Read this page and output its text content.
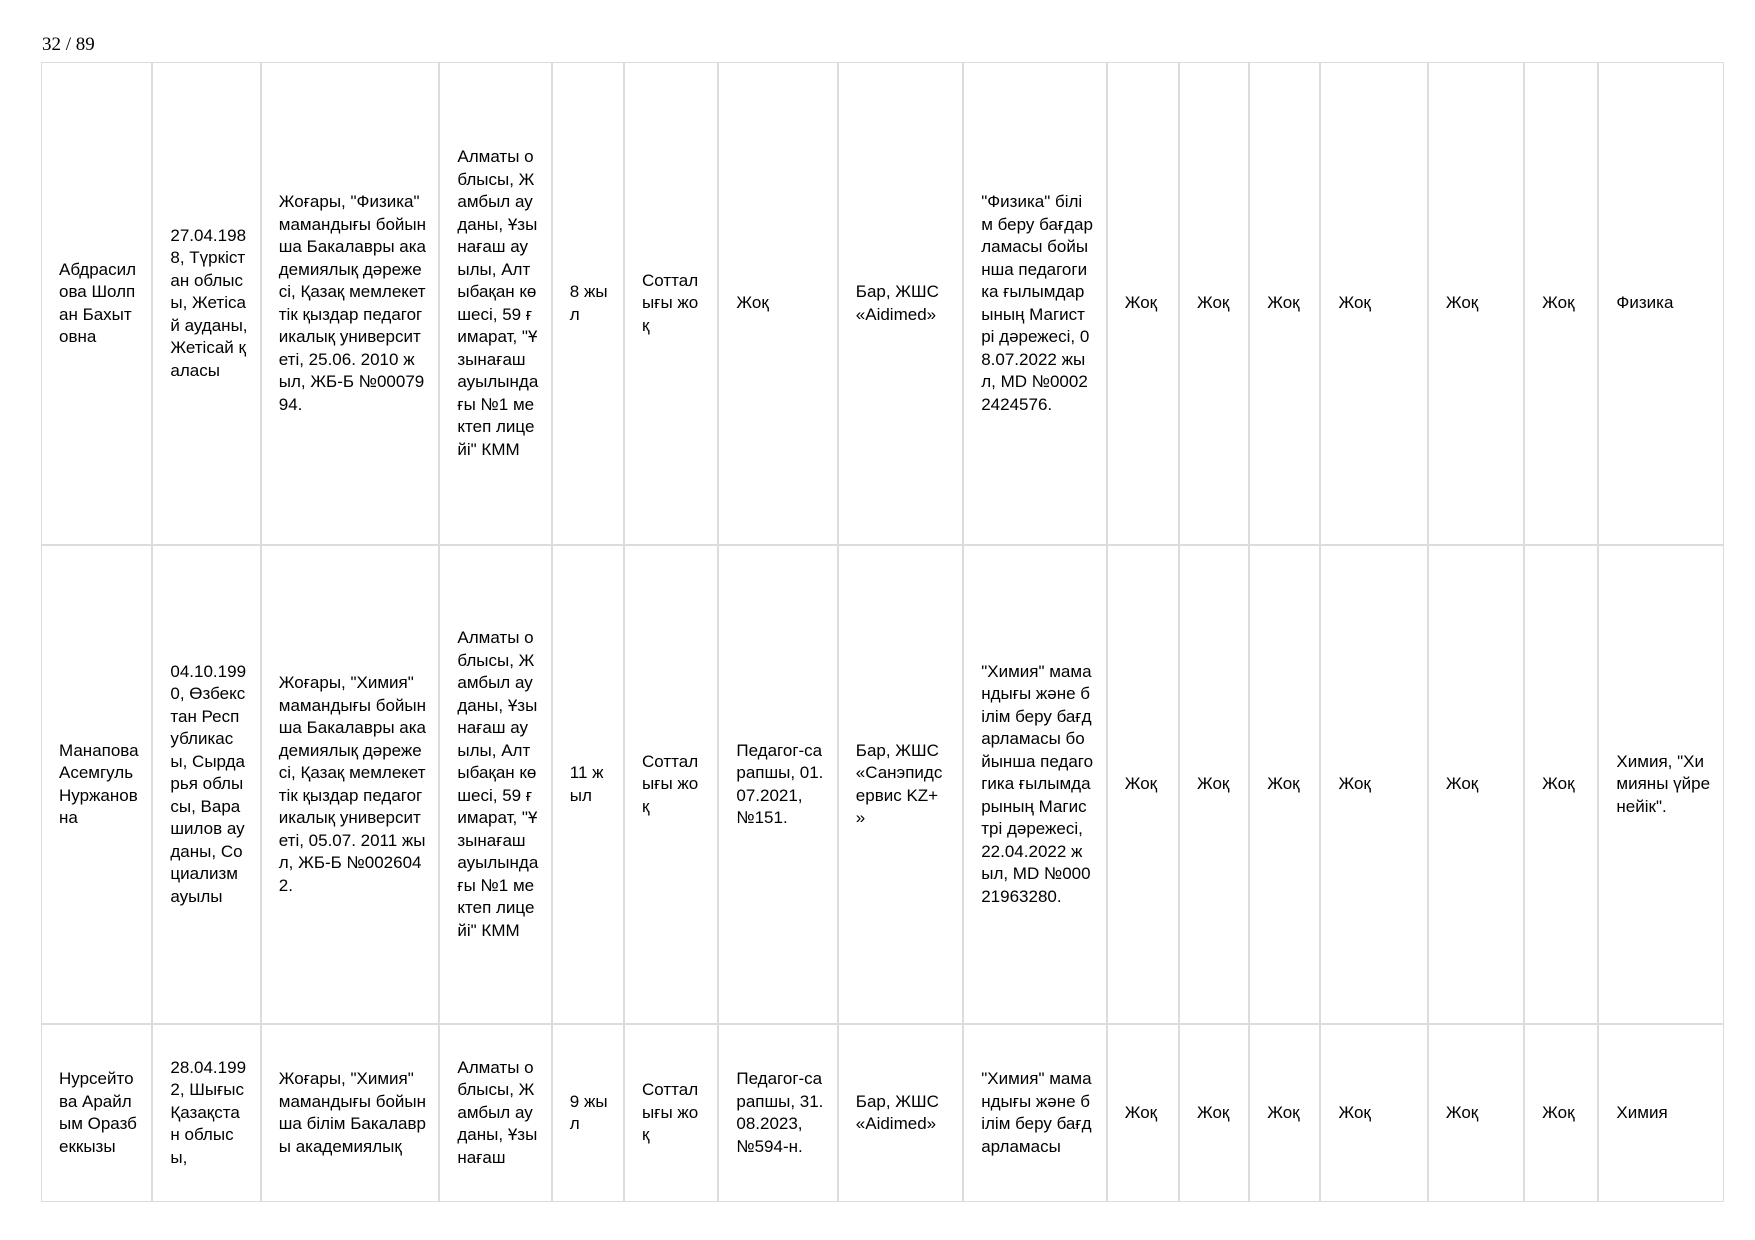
32 / 89
Абдрасилова Шолпан Бахытовна	27.04.1988, Түркістан облысы, Жетісай ауданы, Жетісай қаласы	Жоғары, "Физика" мамандығы бойынша Бакалавры академиялық дәрежесі, Қазақ мемлекеттік қыздар педагогикалық университеті, 25.06. 2010 жыл, ЖБ-Б №0007994.	Алматы облысы, Жамбыл ауданы, Ұзынағаш ауылы, Алтыбақан көшесі, 59 ғимарат, "Ұзынағаш ауылындағы №1 мектеп лицейі" КММ	8 жыл	Сотталығы жоқ	Жоқ	Бар, ЖШС «Aidimed»	"Физика" білім беру бағдарламасы бойынша педагогика ғылымдарының Магистрі дәрежесі, 08.07.2022 жыл, MD №00022424576.	Жоқ	Жоқ	Жоқ	Жоқ	Жоқ	Жоқ	Физика
Манапова Асемгуль Нуржановна	04.10.1990, Өзбекстан Республикасы, Сырдарья облысы, Варашилов ауданы, Социализм ауылы	Жоғары, "Химия" мамандығы бойынша Бакалавры академиялық дәрежесі, Қазақ мемлекеттік қыздар педагогикалық университеті, 05.07. 2011 жыл, ЖБ-Б №0026042.	Алматы облысы, Жамбыл ауданы, Ұзынағаш ауылы, Алтыбақан көшесі, 59 ғимарат, "Ұзынағаш ауылындағы №1 мектеп лицейі" КММ	11 жыл	Сотталығы жоқ	Педагог-сарапшы, 01.07.2021, №151.	Бар, ЖШС «Санэпидсервис KZ+ »	"Химия" мамандығы және білім беру бағдарламасы бойынша педагогика ғылымдарының Магистрі дәрежесі, 22.04.2022 жыл, MD №00021963280.	Жоқ	Жоқ	Жоқ	Жоқ	Жоқ	Жоқ	Химия, "Химияны үйренейік".
Нурсейтова Арайлым Оразбеккызы	28.04.1992, Шығыс Қазақстан облысы,	Жоғары, "Химия" мамандығы бойынша білім Бакалавры академиялық	Алматы облысы, Жамбыл ауданы, Ұзынағаш	9 жыл	Сотталығы жоқ	Педагог-сарапшы, 31.08.2023, №594-н.	Бар, ЖШС «Aidimed»	"Химия" мамандығы және білім беру бағдарламасы	Жоқ	Жоқ	Жоқ	Жоқ	Жоқ	Жоқ	Химия
